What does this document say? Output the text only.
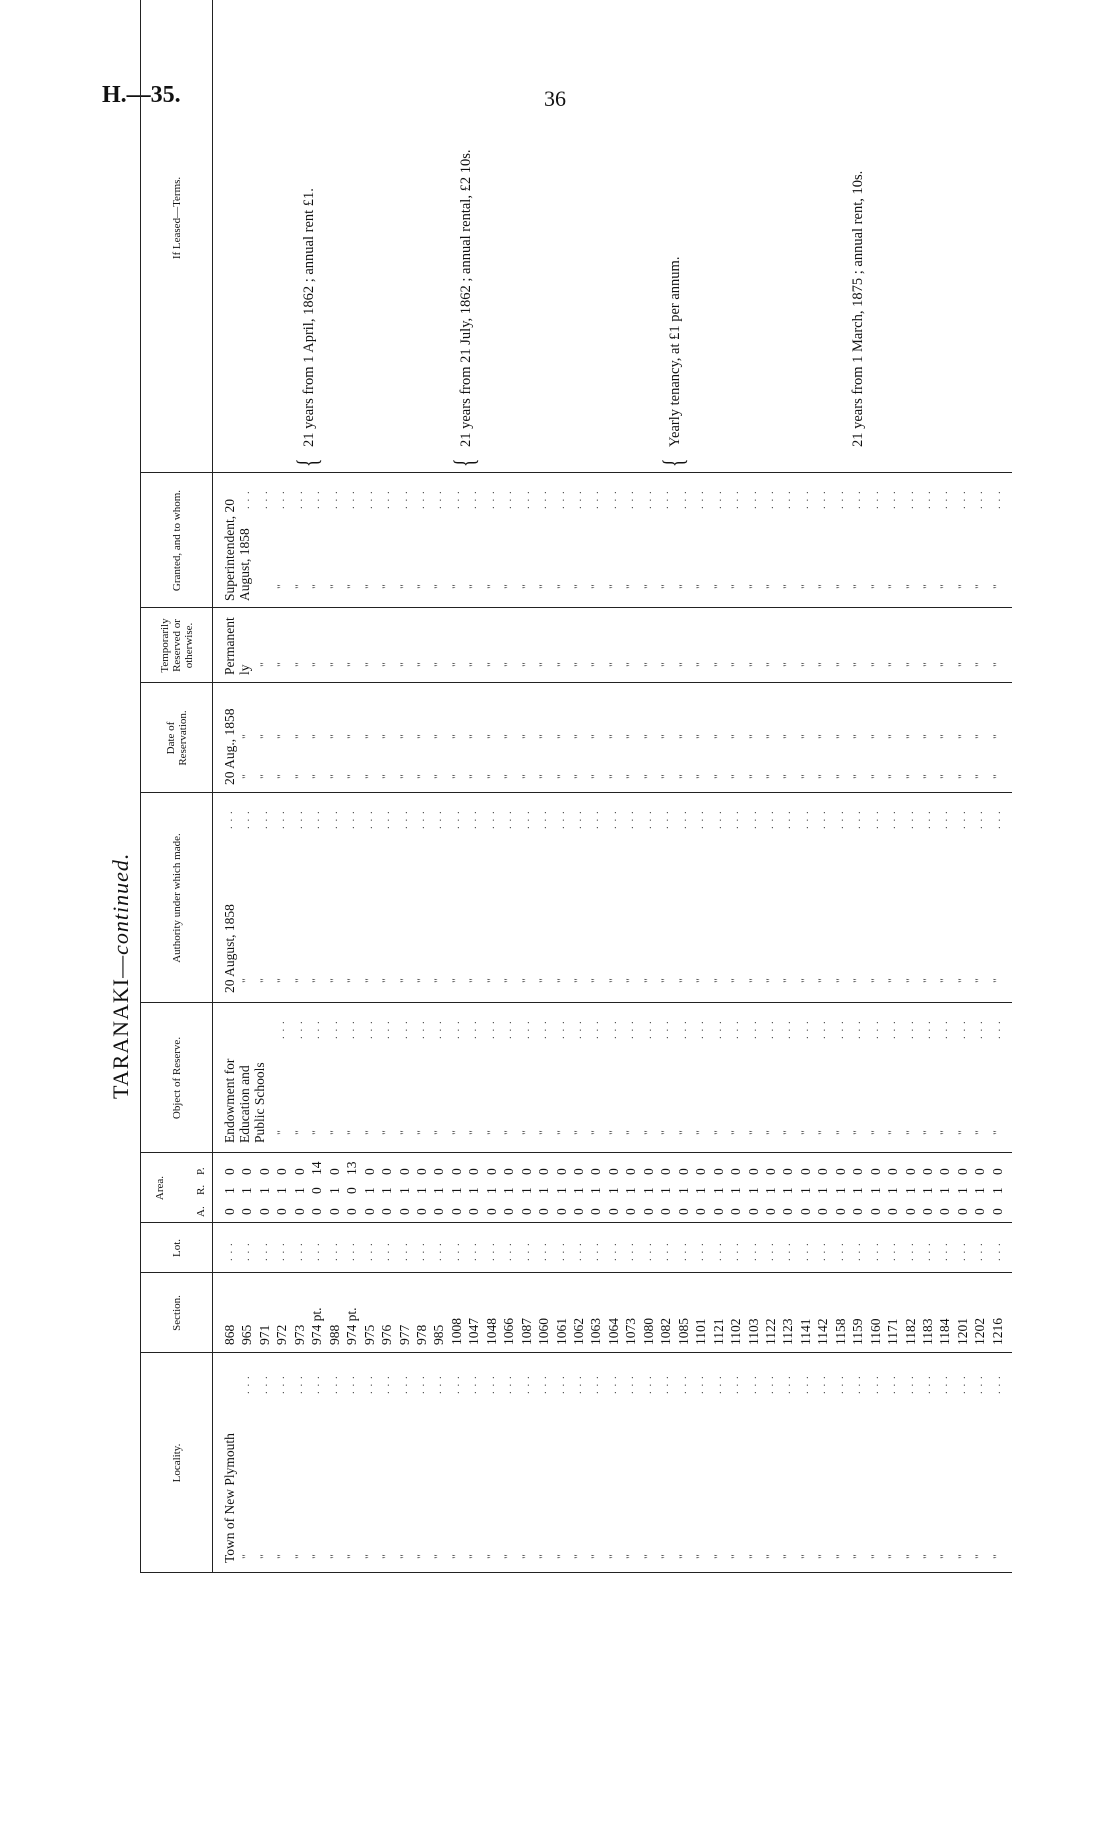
H.—35.	36
TARANAKI—continued.
Locality.
Section.
Lot.
Area.
A.
R.
P.
Object of Reserve.
Authority under which made.
Date of Reservation.
Temporarily Reserved or otherwise.
Granted, and to whom.
If Leased—Terms.
Town of New Plymouth
Endowment for Education and Public Schools
20 August, 1858
20 Aug., 1858
Permanently
Superintendent, 20 August, 1858
868
. . .
0
1
0
. . .
965
. . .
0
1
0
"
. . .
"
"
"
. . .
. . .
971
. . .
0
1
0
"
. . .
"
"
"
"
. . .
. . .
972
. . .
0
1
0
"
. . .
"
. . .
"
"
"
"
"
. . .
. . .
973
. . .
0
1
0
"
. . .
"
. . .
"
"
"
"
"
. . .
. . .
974 pt.
. . .
0
0
14
"
. . .
"
. . .
"
"
"
"
"
. . .
. . .
988
. . .
0
1
0
"
. . .
"
. . .
"
"
"
"
"
. . .
. . .
974 pt.
. . .
0
0
13
"
. . .
"
. . .
"
"
"
"
"
. . .
. . .
975
. . .
0
1
0
"
. . .
"
. . .
"
"
"
"
"
. . .
. . .
976
. . .
0
1
0
"
. . .
"
. . .
"
"
"
"
"
. . .
. . .
977
. . .
0
1
0
"
. . .
"
. . .
"
"
"
"
"
. . .
. . .
978
. . .
0
1
0
"
. . .
"
. . .
"
"
"
"
"
. . .
. . .
985
. . .
0
1
0
"
. . .
"
. . .
"
"
"
"
"
. . .
. . .
1008
. . .
0
1
0
"
. . .
"
. . .
"
"
"
"
"
. . .
. . .
1047
. . .
0
1
0
"
. . .
"
. . .
"
"
"
"
"
. . .
. . .
1048
. . .
0
1
0
"
. . .
"
. . .
"
"
"
"
"
. . .
. . .
1066
. . .
0
1
0
"
. . .
"
. . .
"
"
"
"
"
. . .
. . .
1087
. . .
0
1
0
"
. . .
"
. . .
"
"
"
"
"
. . .
. . .
1060
. . .
0
1
0
"
. . .
"
. . .
"
"
"
"
"
. . .
. . .
1061
. . .
0
1
0
"
. . .
"
. . .
"
"
"
"
"
. . .
. . .
1062
. . .
0
1
0
"
. . .
"
. . .
"
"
"
"
"
. . .
. . .
1063
. . .
0
1
0
"
. . .
"
. . .
"
"
"
"
"
. . .
. . .
1064
. . .
0
1
0
"
. . .
"
. . .
"
"
"
"
"
. . .
. . .
1073
. . .
0
1
0
"
. . .
"
. . .
"
"
"
"
"
. . .
. . .
1080
. . .
0
1
0
"
. . .
"
. . .
"
"
"
"
"
. . .
. . .
1082
. . .
0
1
0
"
. . .
"
. . .
"
"
"
"
"
. . .
. . .
1085
. . .
0
1
0
"
. . .
"
. . .
"
"
"
"
"
. . .
. . .
1101
. . .
0
1
0
"
. . .
"
. . .
"
"
"
"
"
. . .
. . .
1121
. . .
0
1
0
"
. . .
"
. . .
"
"
"
"
"
. . .
. . .
1102
. . .
0
1
0
"
. . .
"
. . .
"
"
"
"
"
. . .
. . .
1103
. . .
0
1
0
"
. . .
"
. . .
"
"
"
"
"
. . .
. . .
1122
. . .
0
1
0
"
. . .
"
. . .
"
"
"
"
"
. . .
. . .
1123
. . .
0
1
0
"
. . .
"
. . .
"
"
"
"
"
. . .
. . .
1141
. . .
0
1
0
"
. . .
"
. . .
"
"
"
"
"
. . .
. . .
1142
. . .
0
1
0
"
. . .
"
. . .
"
"
"
"
"
. . .
. . .
1158
. . .
0
1
0
"
. . .
"
. . .
"
"
"
"
"
. . .
. . .
1159
. . .
0
1
0
"
. . .
"
. . .
"
"
"
"
"
. . .
. . .
1160
. . .
0
1
0
"
. . .
"
. . .
"
"
"
"
"
. . .
. . .
1171
. . .
0
1
0
"
. . .
"
. . .
"
"
"
"
"
. . .
. . .
1182
. . .
0
1
0
"
. . .
"
. . .
"
"
"
"
"
. . .
. . .
1183
. . .
0
1
0
"
. . .
"
. . .
"
"
"
"
"
. . .
. . .
1184
. . .
0
1
0
"
. . .
"
. . .
"
"
"
"
"
. . .
. . .
1201
. . .
0
1
0
"
. . .
"
. . .
"
"
"
"
"
. . .
. . .
1202
. . .
0
1
0
"
. . .
"
. . .
"
"
"
"
"
. . .
. . .
1216
. . .
0
1
0
"
. . .
"
. . .
"
"
"
"
"
. . .
. . .
{
21 years from 1 April, 1862 ; annual rent £1.
{
21 years from 21 July, 1862 ; annual rental, £2 10s.
{
Yearly tenancy, at £1 per annum.	21 years from 1 March, 1875 ; annual rent, 10s.
